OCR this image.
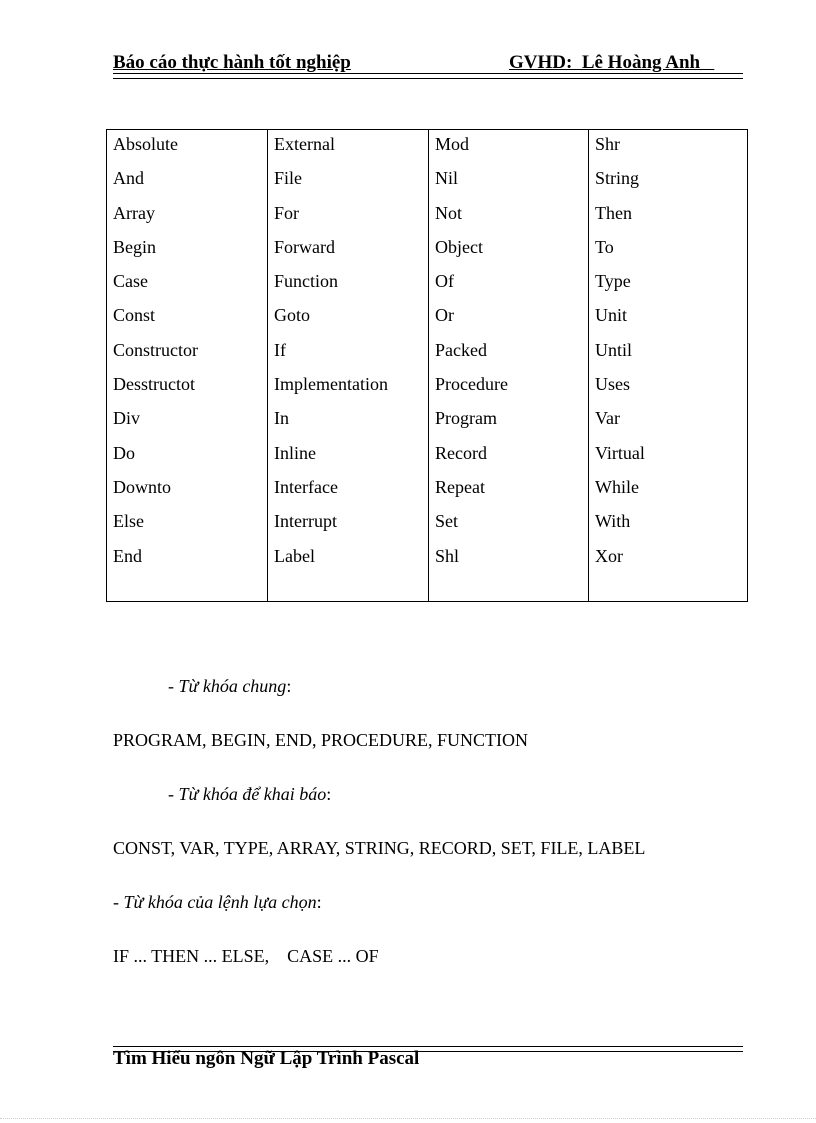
Báo cáo thực hành tốt nghiệp	GVHD:  Lê Hoàng Anh
Absolute
And
Array
Begin
Case
Const
Constructor
Desstructot
Div
Do
Downto
Else
End
External
File
For
Forward
Function
Goto
If
Implementation
In
Inline
Interface
Interrupt
Label
Mod
Nil
Not
Object
Of
Or
Packed
Procedure
Program
Record
Repeat
Set
Shl
Shr
String
Then
To
Type
Unit
Until
Uses
Var
Virtual
While
With
Xor
- Từ khóa chung:
PROGRAM, BEGIN, END, PROCEDURE, FUNCTION
- Từ khóa để khai báo:
CONST, VAR, TYPE, ARRAY, STRING, RECORD, SET, FILE, LABEL
- Từ khóa của lệnh lựa chọn:
IF ... THEN ... ELSE,    CASE ... OF
Tìm Hiểu ngôn Ngữ Lập Trình Pascal
